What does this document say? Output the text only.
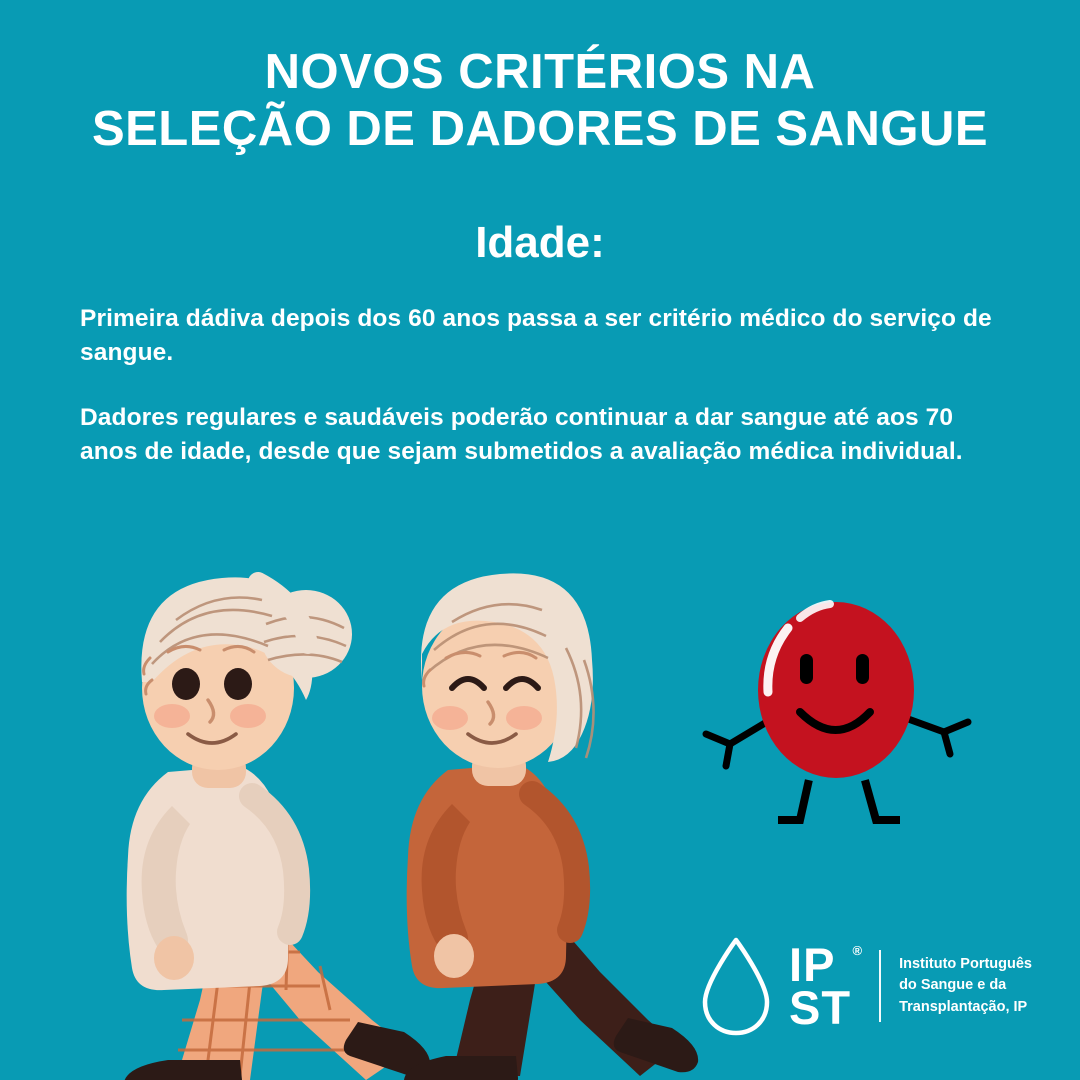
NOVOS CRITÉRIOS NA
SELEÇÃO DE DADORES DE SANGUE
Idade:

Primeira dádiva depois dos 60 anos passa a ser critério médico do serviço de sangue.

Dadores regulares e saudáveis poderão continuar a dar sangue até aos 70 anos de idade, desde que sejam submetidos a avaliação médica individual.

IP ®

ST
Instituto Português
do Sangue e da
Transplantação, IP
